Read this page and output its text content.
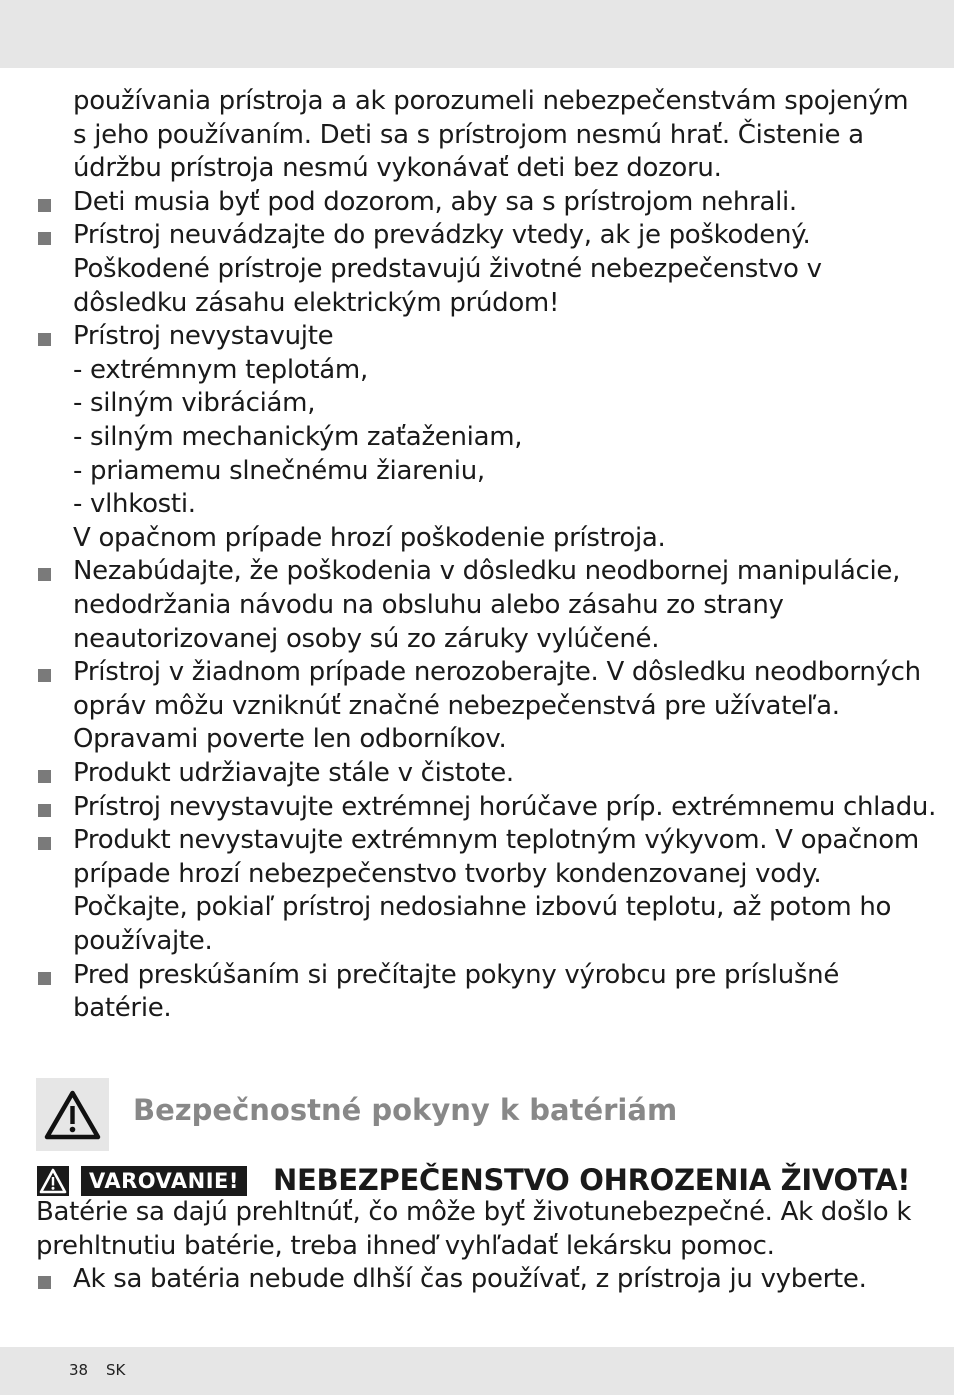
používania prístroja a ak porozumeli nebezpečenstvám spojeným
s jeho používaním. Deti sa s prístrojom nesmú hrať. Čistenie a
údržbu prístroja nesmú vykonávať deti bez dozoru.
Deti musia byť pod dozorom, aby sa s prístrojom nehrali.
Prístroj neuvádzajte do prevádzky vtedy, ak je poškodený.
Poškodené prístroje predstavujú životné nebezpečenstvo v
dôsledku zásahu elektrickým prúdom!
Prístroj nevystavujte
- extrémnym teplotám,
- silným vibráciám,
- silným mechanickým zaťaženiam,
- priamemu slnečnému žiareniu,
- vlhkosti.
V opačnom prípade hrozí poškodenie prístroja.
Nezabúdajte, že poškodenia v dôsledku neodbornej manipulácie,
nedodržania návodu na obsluhu alebo zásahu zo strany
neautorizovanej osoby sú zo záruky vylúčené.
Prístroj v žiadnom prípade nerozoberajte. V dôsledku neodborných
opráv môžu vzniknúť značné nebezpečenstvá pre užívateľa.
Opravami poverte len odborníkov.
Produkt udržiavajte stále v čistote.
Prístroj nevystavujte extrémnej horúčave príp. extrémnemu chladu.
Produkt nevystavujte extrémnym teplotným výkyvom. V opačnom
prípade hrozí nebezpečenstvo tvorby kondenzovanej vody.
Počkajte, pokiaľ prístroj nedosiahne izbovú teplotu, až potom ho
používajte.
Pred preskúšaním si prečítajte pokyny výrobcu pre príslušné
batérie.
Bezpečnostné pokyny k batériám
VAROVANIE! NEBEZPEČENSTVO OHROZENIA ŽIVOTA!
Batérie sa dajú prehltnúť, čo môže byť životunebezpečné. Ak došlo k
prehltnutiu batérie, treba ihneď vyhľadať lekársku pomoc.
Ak sa batéria nebude dlhší čas používať, z prístroja ju vyberte.
38 SK
